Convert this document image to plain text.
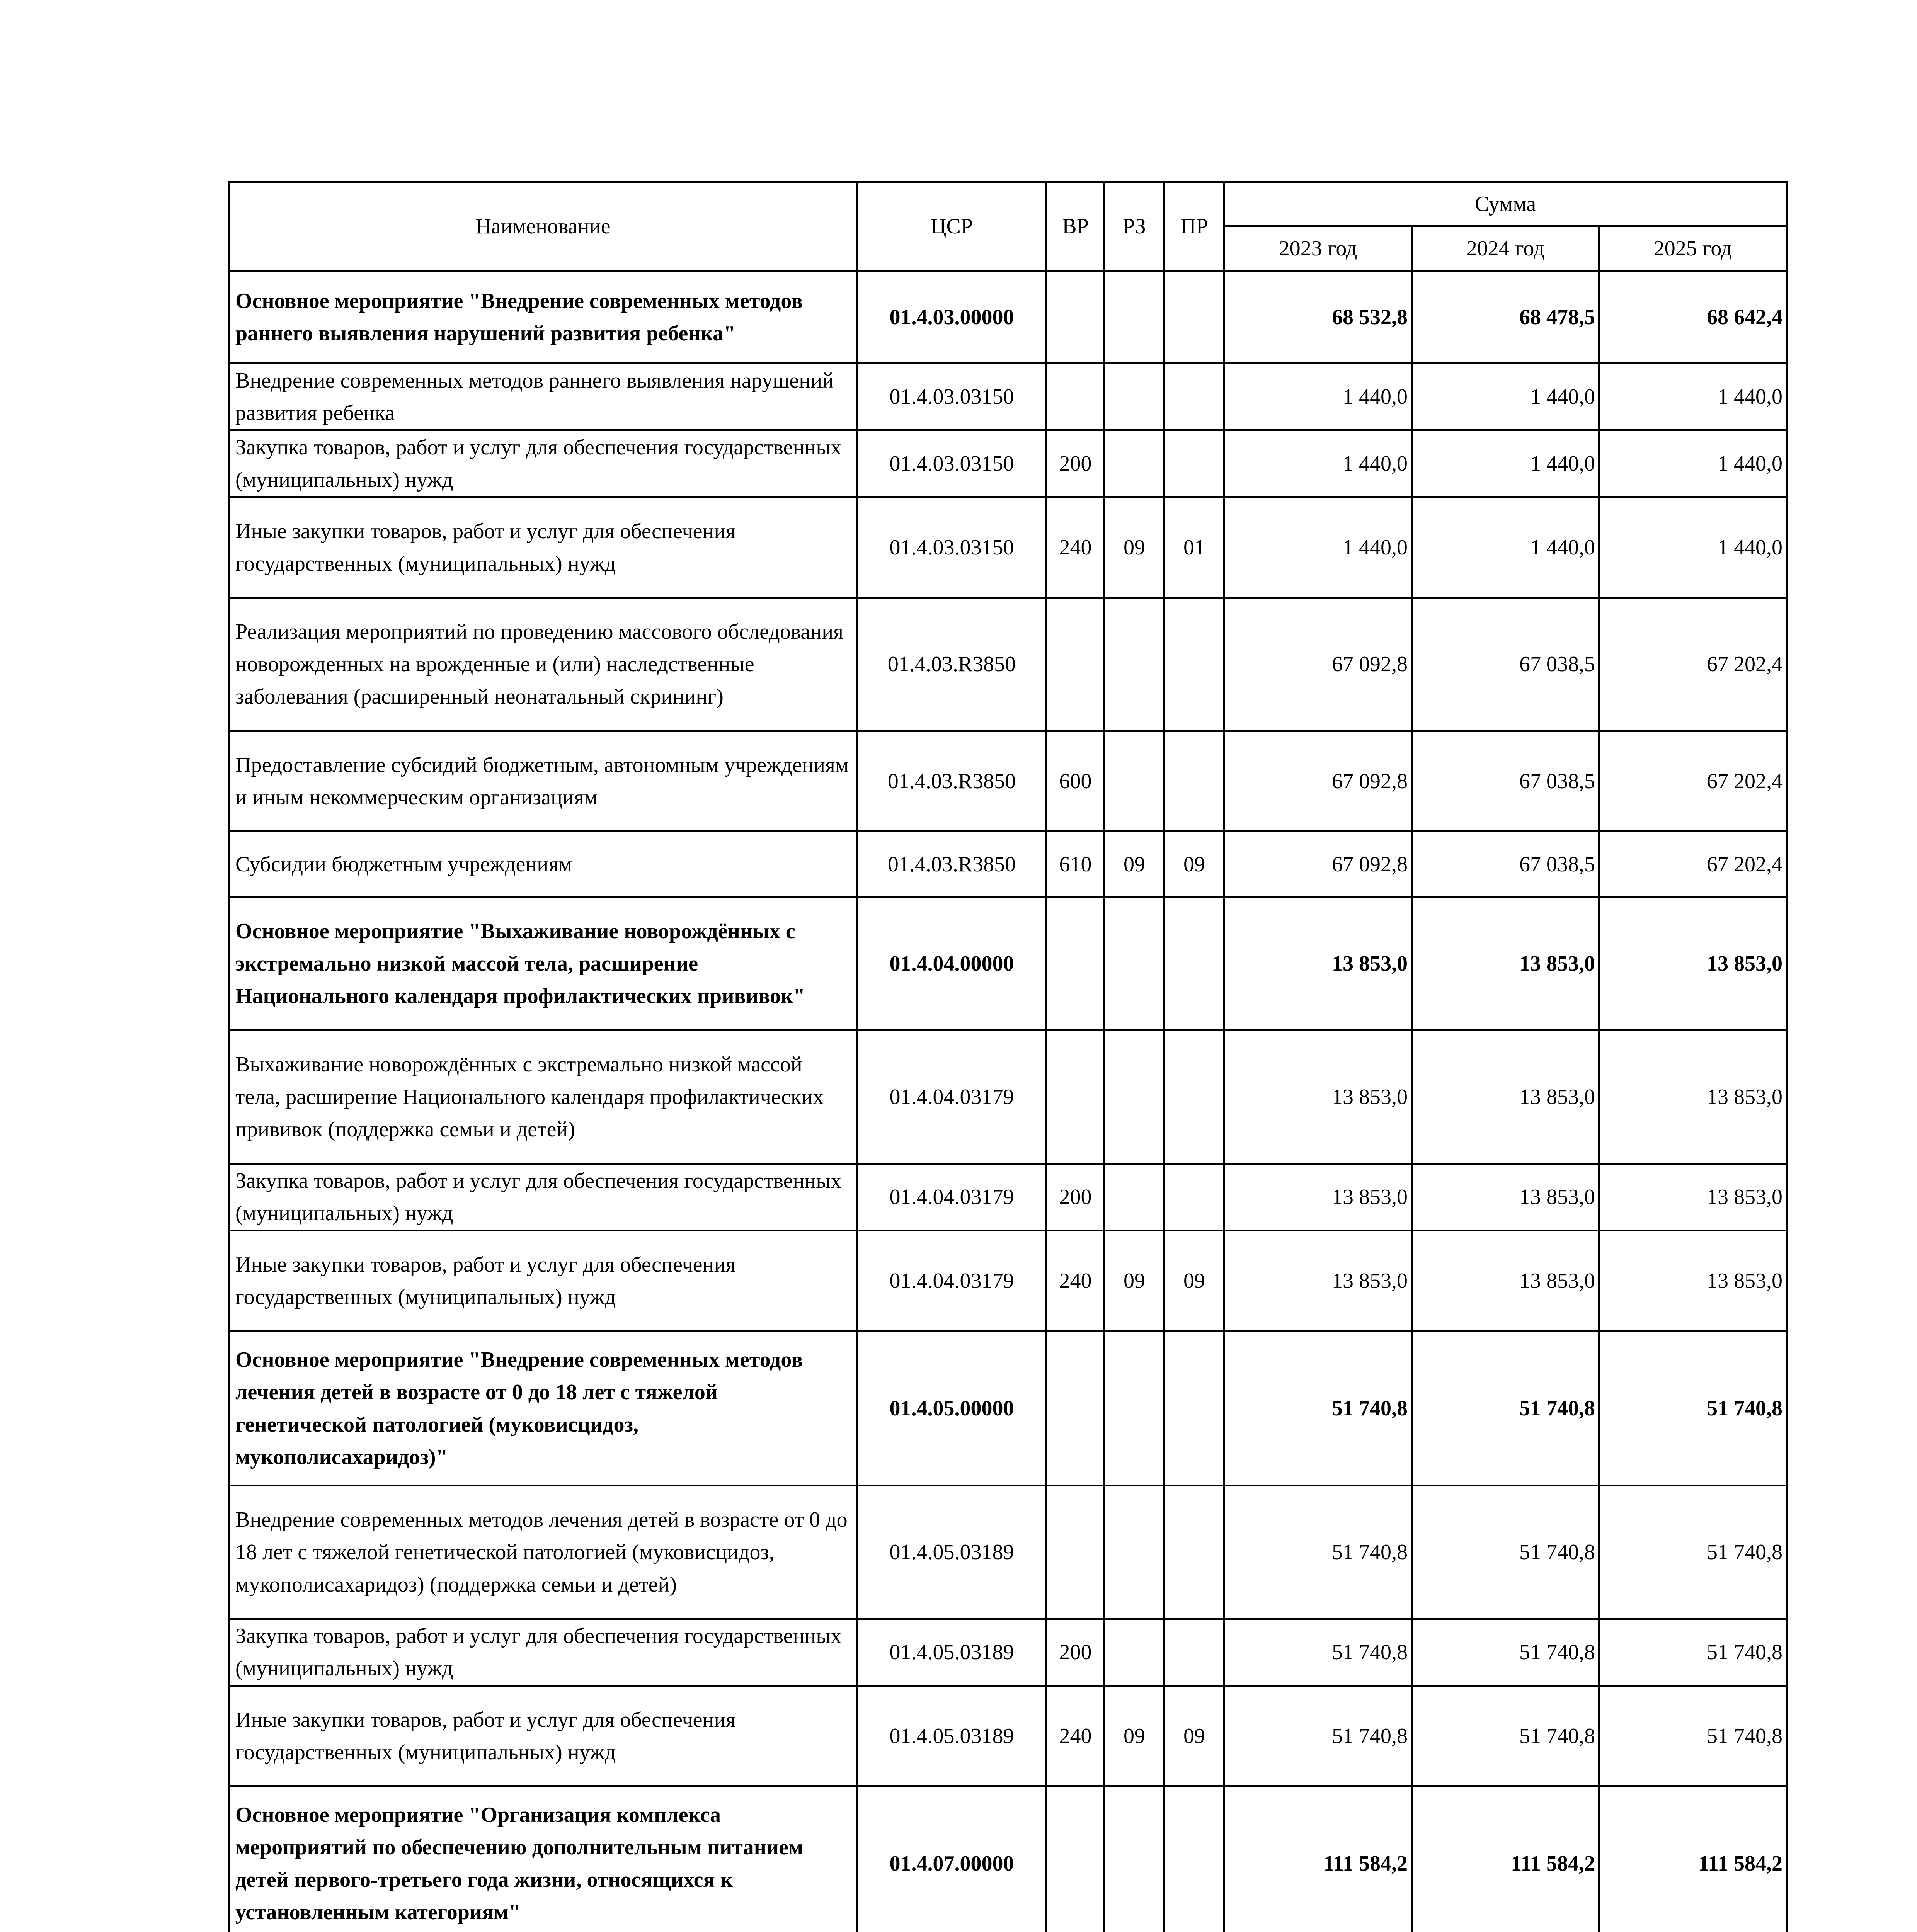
Наименование	ЦСР	ВР	РЗ	ПР	Сумма		
					2023 год	2024 год	2025 год
Основное мероприятие "Внедрение современных методов раннего выявления нарушений развития ребенка"	01.4.03.00000				68 532,8	68 478,5	68 642,4
Внедрение современных методов раннего выявления нарушений развития ребенка	01.4.03.03150				1 440,0	1 440,0	1 440,0
Закупка товаров, работ и услуг для обеспечения государственных (муниципальных) нужд	01.4.03.03150	200			1 440,0	1 440,0	1 440,0
Иные закупки товаров, работ и услуг для обеспечения государственных (муниципальных) нужд	01.4.03.03150	240	09	01	1 440,0	1 440,0	1 440,0
Реализация мероприятий по проведению массового обследования новорожденных на врожденные и (или) наследственные заболевания (расширенный неонатальный скрининг)	01.4.03.R3850				67 092,8	67 038,5	67 202,4
Предоставление субсидий бюджетным, автономным учреждениям и иным некоммерческим организациям	01.4.03.R3850	600			67 092,8	67 038,5	67 202,4
Субсидии бюджетным учреждениям	01.4.03.R3850	610	09	09	67 092,8	67 038,5	67 202,4
Основное мероприятие "Выхаживание новорождённых с экстремально низкой массой тела, расширение Национального календаря профилактических прививок"	01.4.04.00000				13 853,0	13 853,0	13 853,0
Выхаживание новорождённых с экстремально низкой массой тела, расширение Национального календаря профилактических прививок (поддержка семьи и детей)	01.4.04.03179				13 853,0	13 853,0	13 853,0
Закупка товаров, работ и услуг для обеспечения государственных (муниципальных) нужд	01.4.04.03179	200			13 853,0	13 853,0	13 853,0
Иные закупки товаров, работ и услуг для обеспечения государственных (муниципальных) нужд	01.4.04.03179	240	09	09	13 853,0	13 853,0	13 853,0
Основное мероприятие "Внедрение современных методов лечения детей в возрасте от 0 до 18 лет с тяжелой генетической патологией (муковисцидоз, мукополисахаридоз)"	01.4.05.00000				51 740,8	51 740,8	51 740,8
Внедрение современных методов лечения детей в возрасте от 0 до 18 лет с тяжелой генетической патологией (муковисцидоз, мукополисахаридоз) (поддержка семьи и детей)	01.4.05.03189				51 740,8	51 740,8	51 740,8
Закупка товаров, работ и услуг для обеспечения государственных (муниципальных) нужд	01.4.05.03189	200			51 740,8	51 740,8	51 740,8
Иные закупки товаров, работ и услуг для обеспечения государственных (муниципальных) нужд	01.4.05.03189	240	09	09	51 740,8	51 740,8	51 740,8
Основное мероприятие "Организация комплекса мероприятий по обеспечению дополнительным питанием детей первого-третьего года жизни, относящихся к установленным категориям"	01.4.07.00000				111 584,2	111 584,2	111 584,2
